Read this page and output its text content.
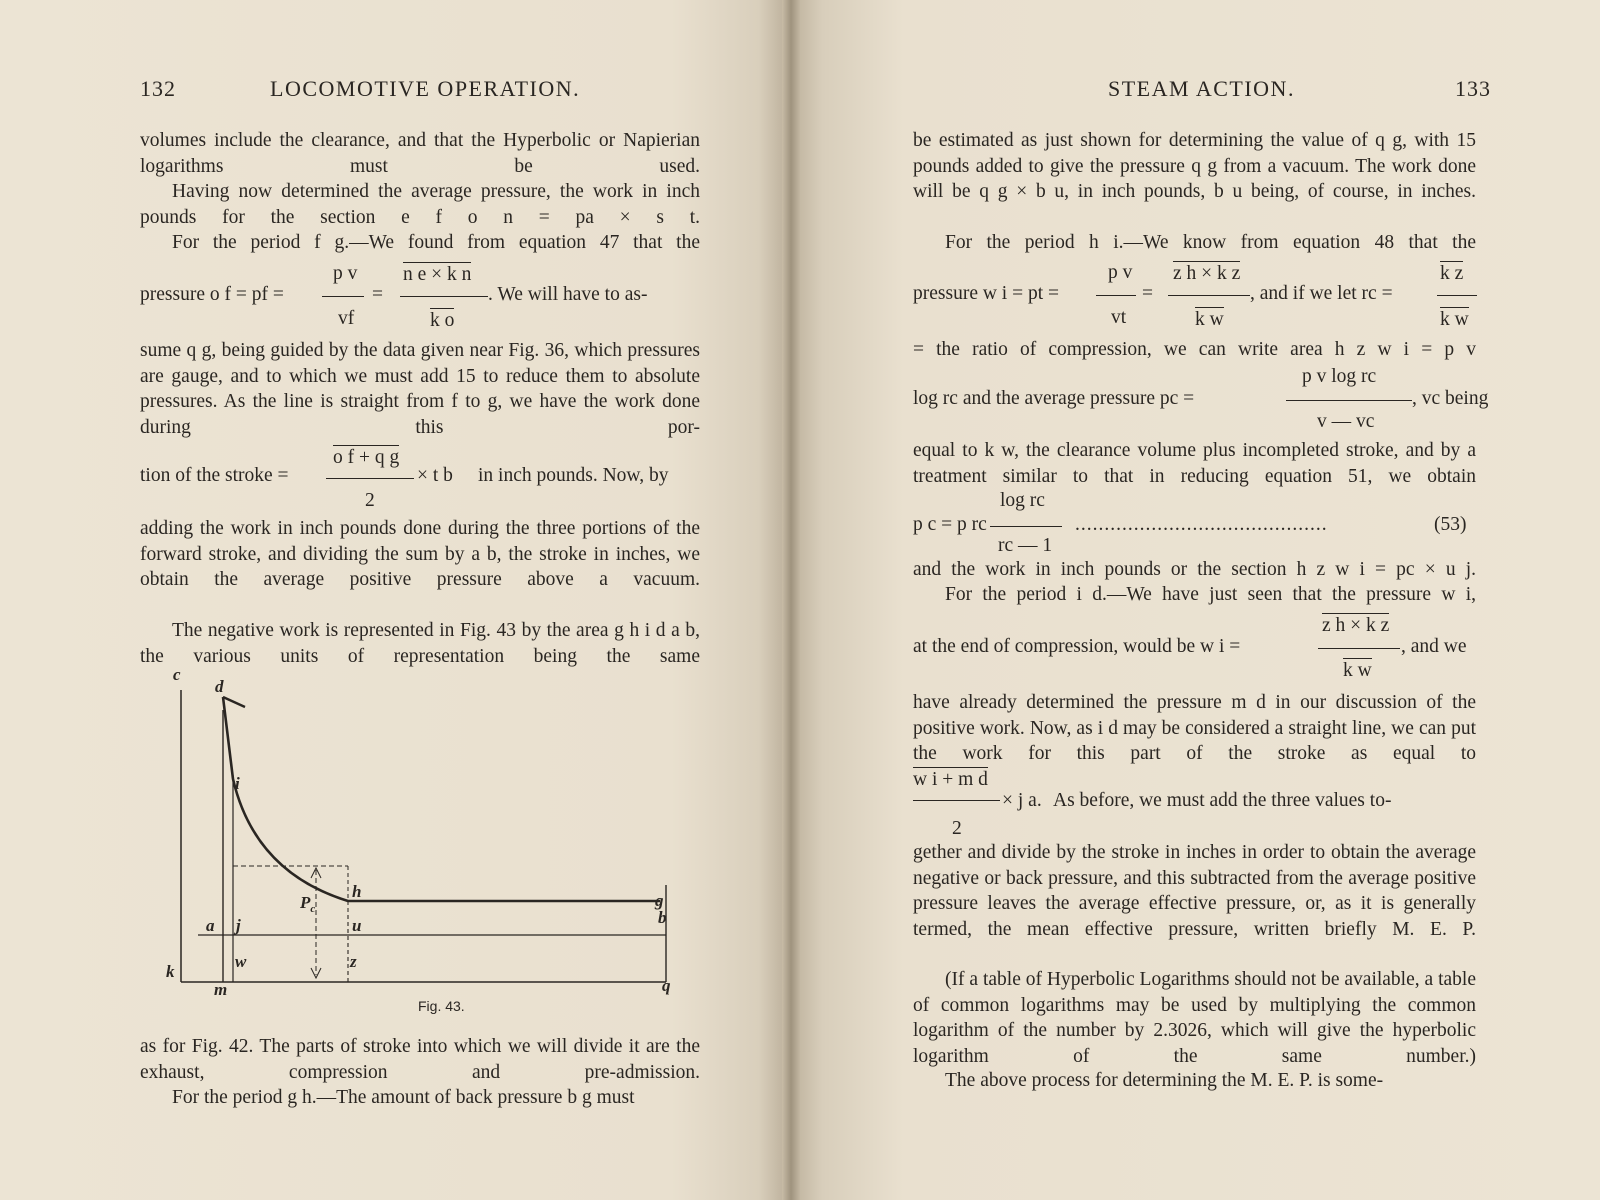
132	LOCOMOTIVE OPERATION.
volumes include the clearance, and that the Hyperbolic or Napierian logarithms must be used.
Having now determined the average pressure, the work in inch pounds for the section e f o n = pa × s t.
For the period f g.—We found from equation 47 that the
pressure o f = pf =
p v
vf
=
n e × k n
k o
. We will have to as-
sume q g, being guided by the data given near Fig. 36, which pressures are gauge, and to which we must add 15 to reduce them to absolute pressures. As the line is straight from f to g, we have the work done during this por-
tion of the stroke =
o f + q g
2
× t b in inch pounds. Now, by
adding the work in inch pounds done during the three portions of the forward stroke, and dividing the sum by a b, the stroke in inches, we obtain the average positive pressure above a vacuum.
The negative work is represented in Fig. 43 by the area g h i d a b, the various units of representation being the same
c
d
i
h
$P_c$	g
b
a j	u
w	z
k
m	q
Fig. 43.
as for Fig. 42. The parts of stroke into which we will divide it are the exhaust, compression and pre-admission.
For the period g h.—The amount of back pressure b g must
STEAM ACTION.	133
be estimated as just shown for determining the value of q g, with 15 pounds added to give the pressure q g from a vacuum. The work done will be q g × b u, in inch pounds, b u being, of course, in inches.
For the period h i.—We know from equation 48 that the
pressure w i = pt =
p v
vt
=
z h × k z
k w
, and if we let rc =
k z
k w
= the ratio of compression, we can write area h z w i = p v
log rc and the average pressure pc =
p v log rc
v — vc
, vc being
equal to k w, the clearance volume plus incompleted stroke, and by a treatment similar to that in reducing equation 51, we obtain
log rc
p c = p rc
rc — 1
...........................................	(53)
and the work in inch pounds or the section h z w i = pc × u j.
For the period i d.—We have just seen that the pressure w i,
at the end of compression, would be w i =
z h × k z
k w
, and we
have already determined the pressure m d in our discussion of the positive work. Now, as i d may be considered a straight line, we can put the work for this part of the stroke as equal to
w i + m d
2
× j a. As before, we must add the three values to-
gether and divide by the stroke in inches in order to obtain the average negative or back pressure, and this subtracted from the average positive pressure leaves the average effective pressure, or, as it is generally termed, the mean effective pressure, written briefly M. E. P.
(If a table of Hyperbolic Logarithms should not be available, a table of common logarithms may be used by multiplying the common logarithm of the number by 2.3026, which will give the hyperbolic logarithm of the same number.)
The above process for determining the M. E. P. is some-
